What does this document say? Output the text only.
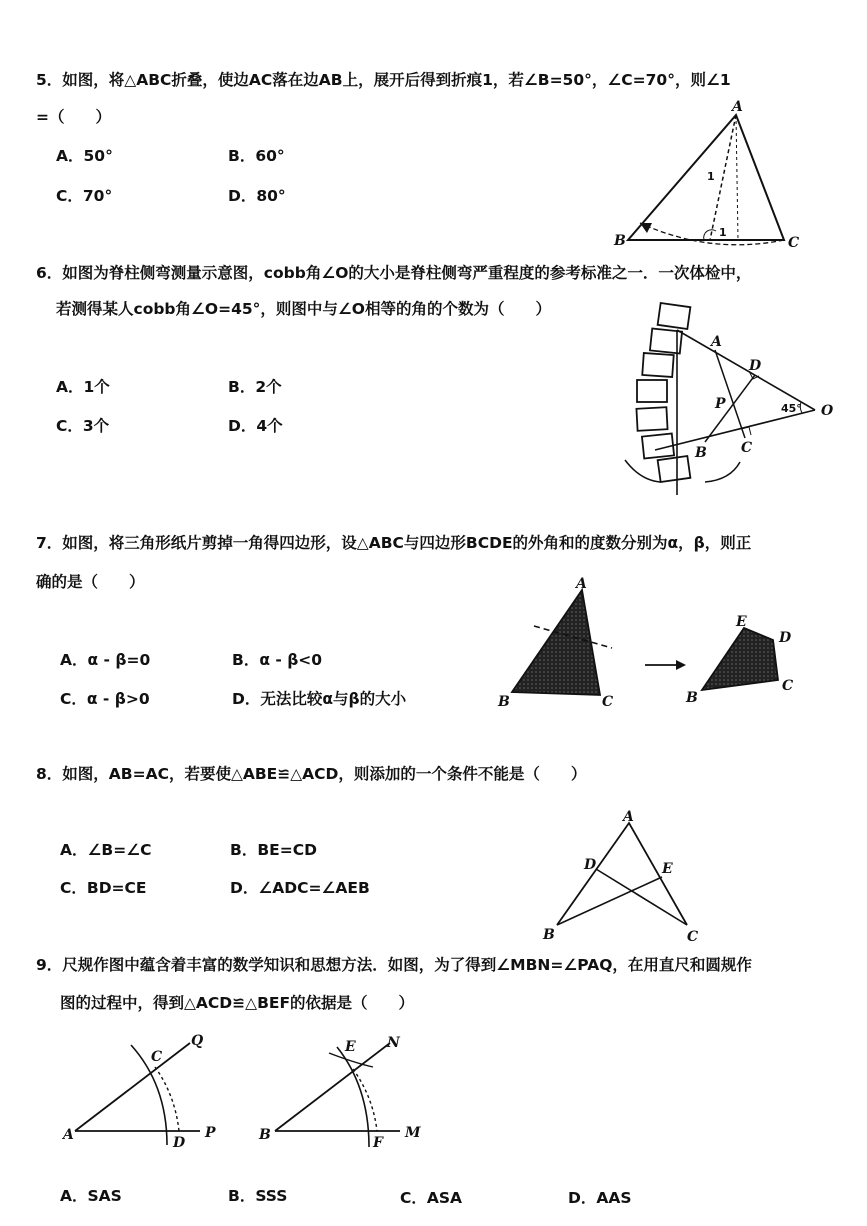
5．如图，将△ABC折叠，使边AC落在边AB上，展开后得到折痕1，若∠B=50°，∠C=70°，则∠1
=（　　）
A．50°	B．60°
C．70°	D．80°
A
B	C
1
1
6．如图为脊柱侧弯测量示意图，cobb角∠O的大小是脊柱侧弯严重程度的参考标准之一．一次体检中，
若测得某人cobb角∠O=45°，则图中与∠O相等的角的个数为（　　）
A．1个	B．2个
C．3个	D．4个
A
B C
D
P	O
45°
7．如图，将三角形纸片剪掉一角得四边形，设△ABC与四边形BCDE的外角和的度数分别为α，β，则正
确的是（　　）
A．α - β=0	B．α - β<0
C．α - β>0	D．无法比较α与β的大小
A
B	C
E
D
B
C
8．如图，AB=AC，若要使△ABE≌△ACD，则添加的一个条件不能是（　　）
A．∠B=∠C	B．BE=CD
C．BD=CE	D．∠ADC=∠AEB
A
B	C
D	E
9．尺规作图中蕴含着丰富的数学知识和思想方法．如图，为了得到∠MBN=∠PAQ，在用直尺和圆规作
图的过程中，得到△ACD≌△BEF的依据是（　　）
A
C
Q
D
P	B
E N
F
M
A．SAS	B．SSS	C．ASA	D．AAS
